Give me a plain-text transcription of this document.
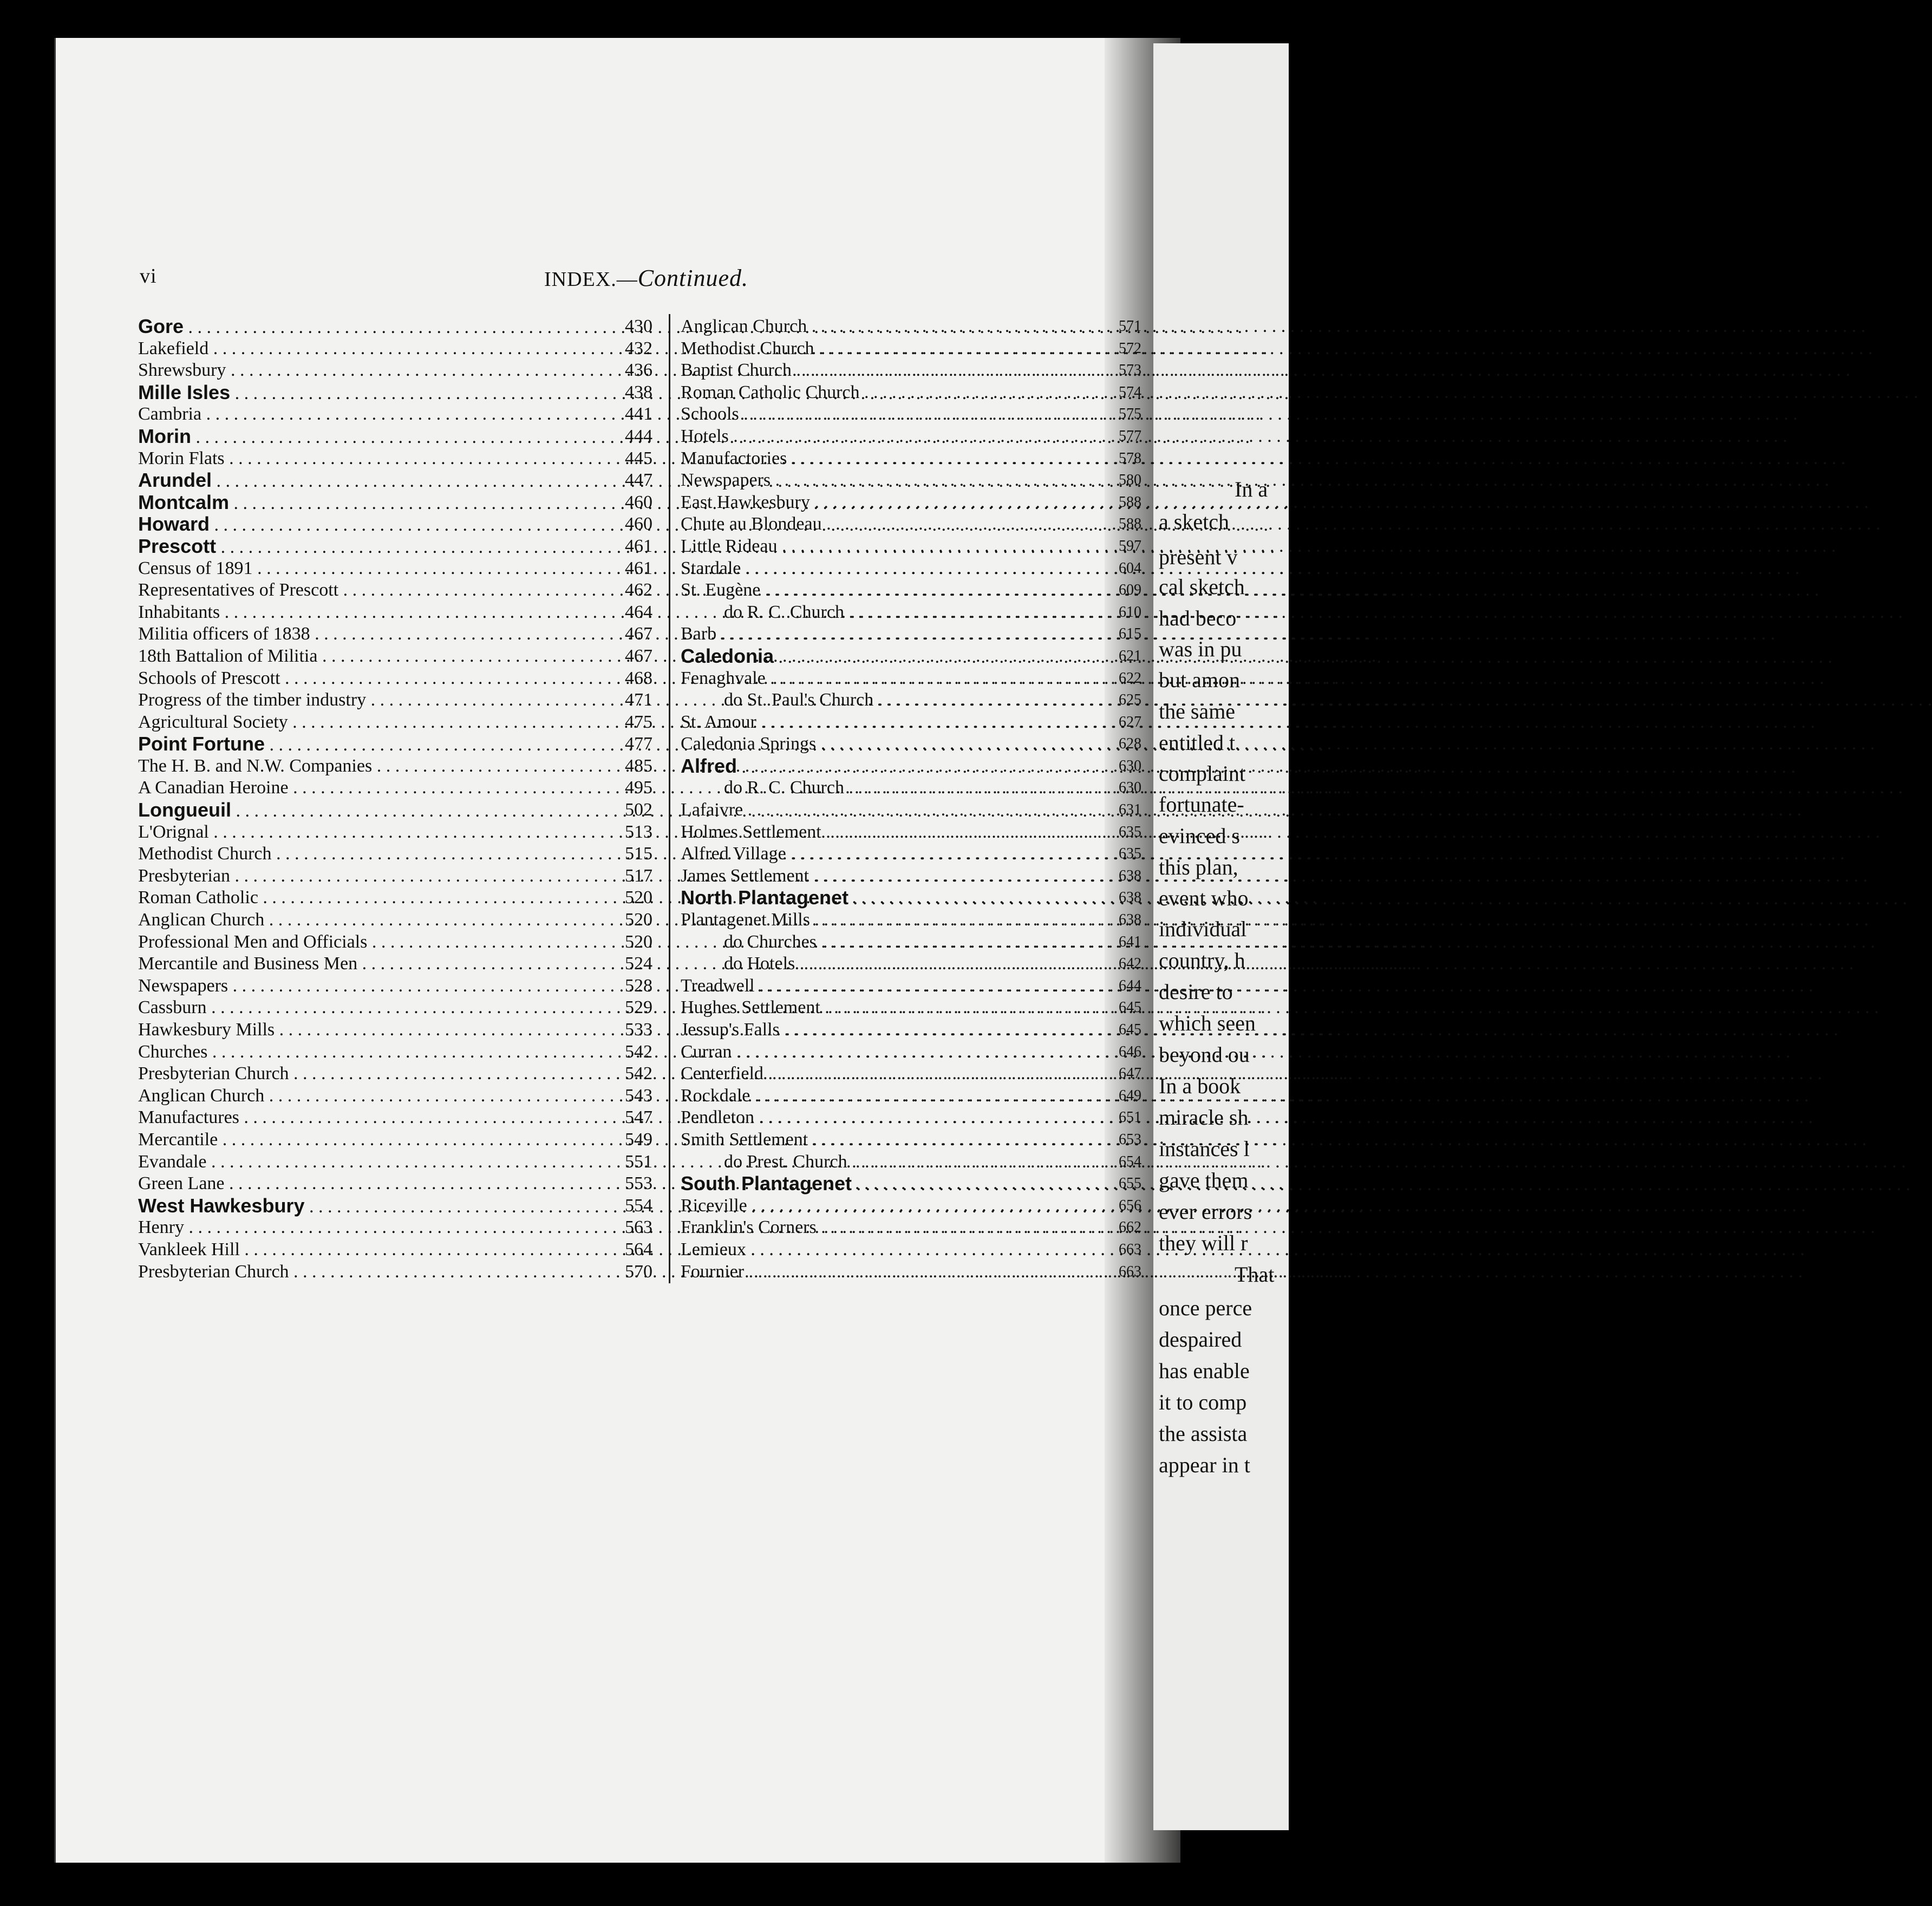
In a
a sketch
present v
cal sketch
had beco
was in pu
but amon
the same
entitled t
complaint
fortunate-
evinced s
this plan,
event who
individual
country, h
desire to
which seen
beyond ou
In a book
miracle sh
instances l
gave them
ever errors
they will r
That
once perce
despaired
has enable
it to comp
the assista
appear in t
vi	INDEX.—Continued.
Gore . . .	430
Lakefield . . .	432
Shrewsbury . . .	436
Mille Isles . . .	438
Cambria . . .	441
Morin . . .	444
Morin Flats . . .	445
Arundel . . .	447
Montcalm . . .	460
Howard . . .	460
Prescott . . .	461
Census of 1891 . . .	461
Representatives of Prescott . . .	462
Inhabitants . . .	464
Militia officers of 1838 . . .	467
18th Battalion of Militia . . .	467
Schools of Prescott . . .	468
Progress of the timber industry . . .	471
Agricultural Society . . .	475
Point Fortune . . .	477
The H. B. and N.W. Companies . . .	485
A Canadian Heroine . . .	495
Longueuil . . .	502
L'Orignal . . .	513
Methodist Church . . .	515
Presbyterian . . .	517
Roman Catholic . . .	520
Anglican Church . . .	520
Professional Men and Officials . . .	520
Mercantile and Business Men . . .	524
Newspapers . . .	528
Cassburn . . .	529
Hawkesbury Mills . . .	533
Churches . . .	542
Presbyterian Church . . .	542
Anglican Church . . .	543
Manufactures . . .	547
Mercantile . . .	549
Evandale . . .	551
Green Lane . . .	553
West Hawkesbury . . .	554
Henry . . .	563
Vankleek Hill . . .	564
Presbyterian Church . . .	570
Anglican Church . . .	571
Methodist Church . . .	572
Baptist Church . . .	573
Roman Catholic Church . . .	574
Schools . . .	575
Hotels . . .	577
Manufactories . . .	578
Newspapers . . .	580
East Hawkesbury . . .	588
Chute au Blondeau . . .	588
Little Rideau . . .	597
Stardale . . .	604
St. Eugène . . .	609
do R. C. Church . . .	610
Barb . . .	615
Caledonia . . .	621
Fenaghvale . . .	622
do St. Paul's Church . . .	625
St. Amour . . .	627
Caledonia Springs . . .	628
Alfred . . .	630
do R. C. Church . . .	630
Lafaivre . . .	631
Holmes Settlement . . .	635
Alfred Village . . .	635
James Settlement . . .	638
North Plantagenet . . .	638
Plantagenet Mills . . .	638
do Churches . . .	641
do Hotels . . .	642
Treadwell . . .	644
Hughes Settlement . . .	645
Jessup's Falls . . .	645
Curran . . .	646
Centerfield . . .	647
Rockdale . . .	649
Pendleton . . .	651
Smith Settlement . . .	653
do Prest. Church . . .	654
South Plantagenet . . .	655
Riceville . . .	656
Franklin's Corners . . .	662
Lemieux . . .	663
Fournier . . .	663
